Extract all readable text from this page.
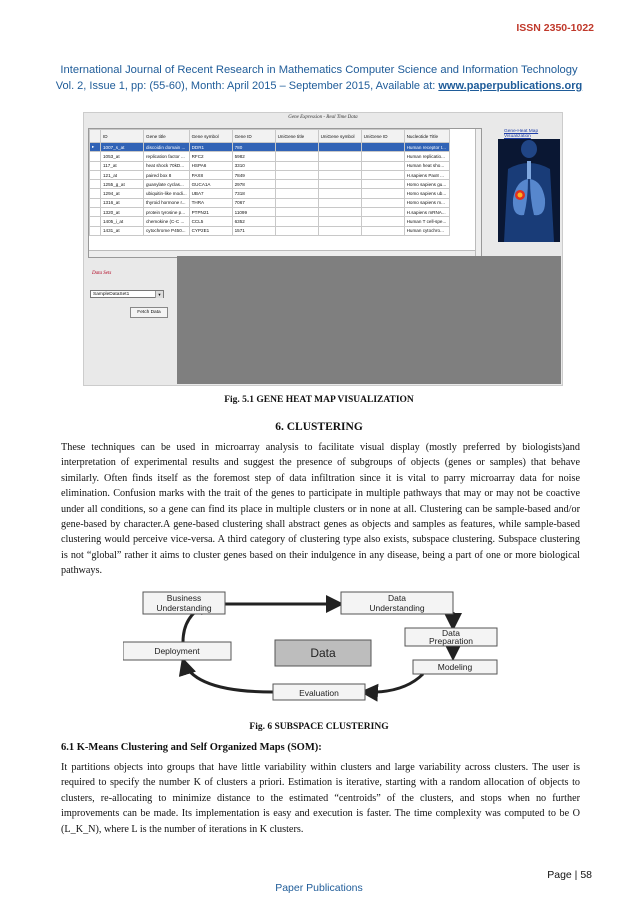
ISSN 2350-1022
International Journal of Recent Research in Mathematics Computer Science and Information Technology
Vol. 2, Issue 1, pp: (55-60), Month: April 2015 – September 2015, Available at: www.paperpublications.org
Gene Expression - Real Time Data
	ID	Gene title	Gene symbol	Gene ID	UniGene title	UniGene symbol	UniGene ID	Nucleotide Title
▸	1007_s_at	discoidin domain ...	DDR1	780				Human receptor t...
	1053_at	replication factor ...	RFC2	5982				Human replicatio...
	117_at	heat shock 70kD...	HSPA6	3310				Human heat sho...
	121_at	paired box 8	PAX8	7849				H.sapiens Pax8 ...
	1255_g_at	guanylate cyclas...	GUCA1A	2978				Homo sapiens gu...
	1294_at	ubiquitin-like modi...	UBA7	7318				Homo sapiens ub...
	1316_at	thyroid hormone r...	THRA	7067				Homo sapiens m...
	1320_at	protein tyrosine p...	PTPN21	11099				H.sapiens mRNA...
	1405_i_at	chemokine (C-C ...	CCL5	6352				Human T cell-spe...
	1431_at	cytochrome P450...	CYP2E1	1571				Human cytochro...
Gene-Heat Map Visualization
Data Sets
SampleDataSet1	▼
Fetch Data
Fig. 5.1 GENE HEAT MAP VISUALIZATION
6. CLUSTERING
These techniques can be used in microarray analysis to facilitate visual display (mostly preferred by biologists)and interpretation of experimental results and suggest the presence of subgroups of objects (genes or samples) that behave similarly. Often finds itself as the foremost step of data infiltration since it is vital to parry microarray data for noise elimination. Confusion marks with the trait of the genes to participate in multiple pathways that may or may not be coactive under all conditions, so a gene can find its place in multiple clusters or in none at all. Clustering can be sample-based and/or gene-based by character.A gene-based clustering shall abstract genes as objects and samples as features, while sample-based clustering would perceive vice-versa. A third category of clustering type also exists, subspace clustering. Subspace clustering is not “global” rather it aims to cluster genes based on their indulgence in any disease, being a part of one or more biological pathways.
Business
Understanding
Data
Understanding
Data
Preparation
Modeling
Deployment	Data
Evaluation
Fig. 6 SUBSPACE CLUSTERING
6.1 K-Means Clustering and Self Organized Maps (SOM):
It partitions objects into groups that have little variability within clusters and large variability across clusters. The user is required to specify the number K of clusters a priori. Estimation is iterative, starting with a random allocation of objects to clusters, re-allocating to minimize distance to the estimated “centroids” of the clusters, and stops when no further improvements can be made. Its implementation is easy and execution is faster. The time complexity was computed to be O (L_K_N), where L is the number of iterations in K clusters.
Page | 58
Paper Publications
